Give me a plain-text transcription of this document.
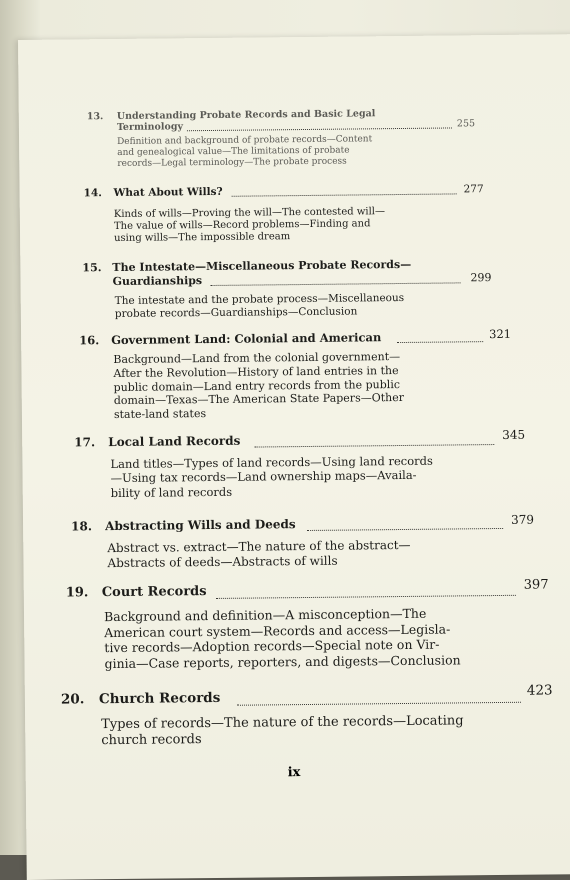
13. Understanding Probate Records and Basic Legal
Terminology	255
Definition and background of probate records—Content
and genealogical value—The limitations of probate
records—Legal terminology—The probate process
14. What About Wills?	277
Kinds of wills—Proving the will—The contested will—
The value of wills—Record problems—Finding and
using wills—The impossible dream
15. The Intestate—Miscellaneous Probate Records—
Guardianships	299
The intestate and the probate process—Miscellaneous
probate records—Guardianships—Conclusion
16. Government Land: Colonial and American	321
Background—Land from the colonial government—
After the Revolution—History of land entries in the
public domain—Land entry records from the public
domain—Texas—The American State Papers—Other
state-land states
17. Local Land Records	345
Land titles—Types of land records—Using land records
—Using tax records—Land ownership maps—Availa-
bility of land records
18. Abstracting Wills and Deeds	379
Abstract vs. extract—The nature of the abstract—
Abstracts of deeds—Abstracts of wills
19. Court Records	397
Background and definition—A misconception—The
American court system—Records and access—Legisla-
tive records—Adoption records—Special note on Vir-
ginia—Case reports, reporters, and digests—Conclusion
20. Church Records	423
Types of records—The nature of the records—Locating
church records
ix
